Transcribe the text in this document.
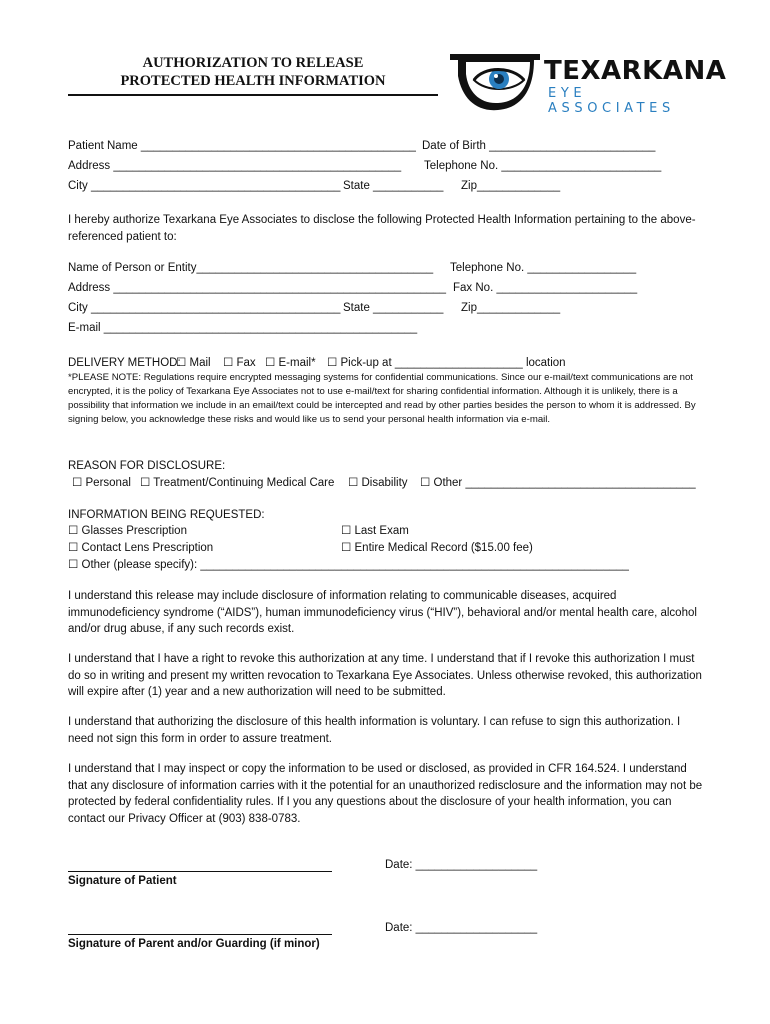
AUTHORIZATION TO RELEASE
PROTECTED HEALTH INFORMATION	TEXARKANA
EYE ASSOCIATES
Patient Name ___________________________________________ Date of Birth __________________________
Address _____________________________________________ Telephone No. _________________________
City _______________________________________ State ___________ Zip_____________
I hereby authorize Texarkana Eye Associates to disclose the following Protected Health Information pertaining to the above-referenced patient to:
Name of Person or Entity_____________________________________ Telephone No. _________________
Address ____________________________________________________ Fax No. ______________________
City _______________________________________ State ___________ Zip_____________
E-mail _________________________________________________
DELIVERY METHOD:
☐ Mail ☐ Fax ☐ E-mail* ☐ Pick-up at ____________________ location
*PLEASE NOTE: Regulations require encrypted messaging systems for confidential communications. Since our e-mail/text communications are not encrypted, it is the policy of Texarkana Eye Associates not to use e-mail/text for sharing confidential information. Although it is unlikely, there is a possibility that information we include in an email/text could be intercepted and read by other parties besides the person to whom it is addressed. By signing below, you acknowledge these risks and would like us to send your personal health information via e-mail.
REASON FOR DISCLOSURE:
☐ Personal ☐ Treatment/Continuing Medical Care ☐ Disability ☐ Other ____________________________________
INFORMATION BEING REQUESTED:
☐ Glasses Prescription	☐ Last Exam
☐ Contact Lens Prescription	☐ Entire Medical Record ($15.00 fee)
☐ Other (please specify): ___________________________________________________________________
I understand this release may include disclosure of information relating to communicable diseases, acquired immunodeficiency syndrome (“AIDS”), human immunodeficiency virus (“HIV”), behavioral and/or mental health care, alcohol and/or drug abuse, if any such records exist.
I understand that I have a right to revoke this authorization at any time. I understand that if I revoke this authorization I must do so in writing and present my written revocation to Texarkana Eye Associates. Unless otherwise revoked, this authorization will expire after (1) year and a new authorization will need to be submitted.
I understand that authorizing the disclosure of this health information is voluntary. I can refuse to sign this authorization. I need not sign this form in order to assure treatment.
I understand that I may inspect or copy the information to be used or disclosed, as provided in CFR 164.524. I understand that any disclosure of information carries with it the potential for an unauthorized redisclosure and the information may not be protected by federal confidentiality rules. If I you any questions about the disclosure of your health information, you can contact our Privacy Officer at (903) 838-0783.
Date: ___________________
Signature of Patient
Date: ___________________
Signature of Parent and/or Guarding (if minor)
